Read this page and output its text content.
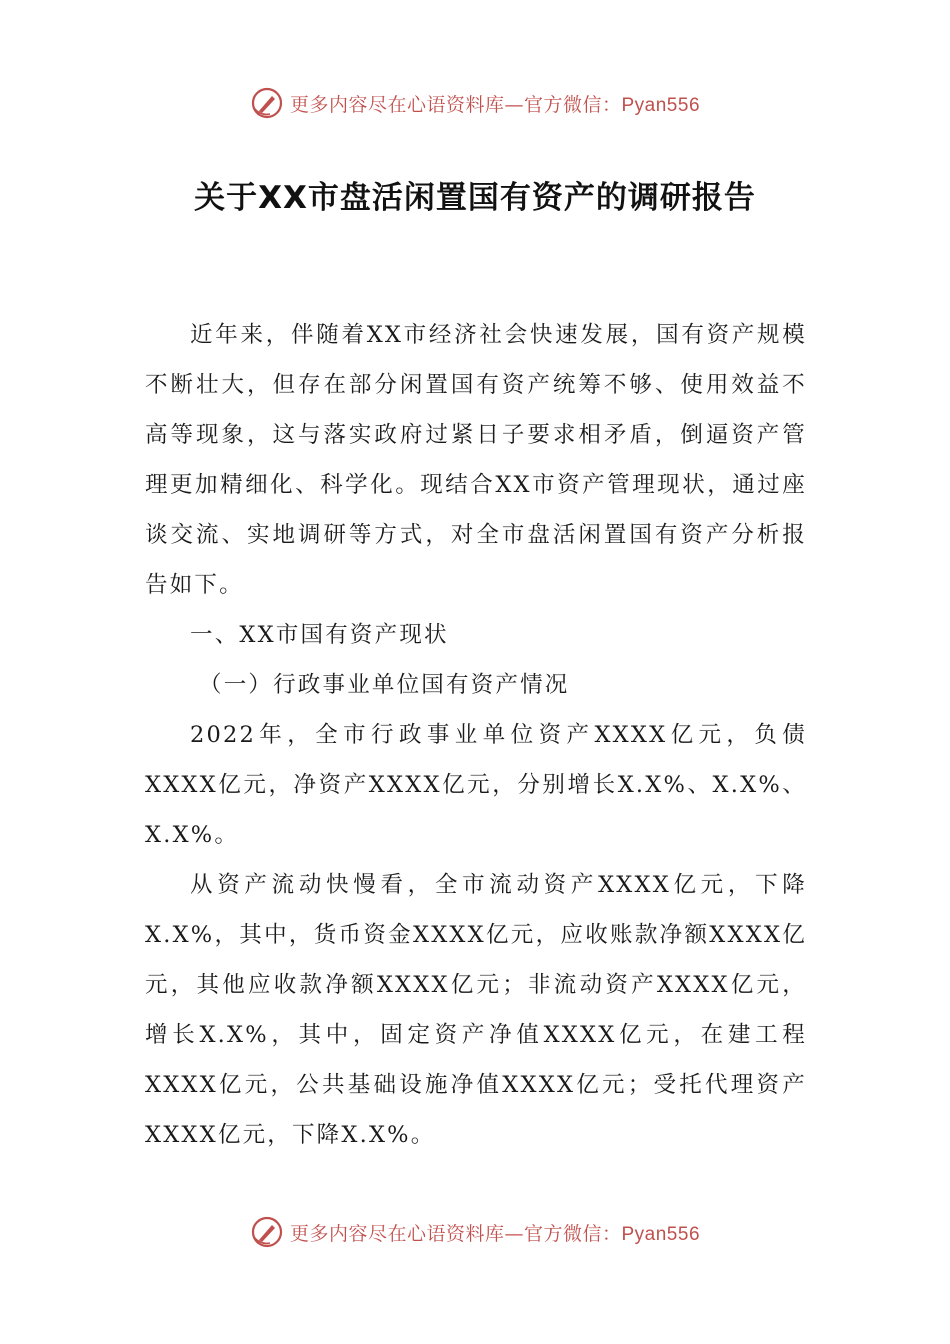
更多内容尽在心语资料库—官方微信：Pyan556
关于XX市盘活闲置国有资产的调研报告

近年来，伴随着XX市经济社会快速发展，国有资产规模不断壮大，但存在部分闲置国有资产统筹不够、使用效益不高等现象，这与落实政府过紧日子要求相矛盾，倒逼资产管理更加精细化、科学化。现结合XX市资产管理现状，通过座谈交流、实地调研等方式，对全市盘活闲置国有资产分析报告如下。

一、XX市国有资产现状

（一）行政事业单位国有资产情况

2022年，全市行政事业单位资产XXXX亿元，负债XXXX亿元，净资产XXXX亿元，分别增长X.X%、X.X%、X.X%。

从资产流动快慢看，全市流动资产XXXX亿元，下降X.X%，其中，货币资金XXXX亿元，应收账款净额XXXX亿元，其他应收款净额XXXX亿元；非流动资产XXXX亿元，增长X.X%，其中，固定资产净值XXXX亿元，在建工程XXXX亿元，公共基础设施净值XXXX亿元；受托代理资产XXXX亿元，下降X.X%。

更多内容尽在心语资料库—官方微信：Pyan556
